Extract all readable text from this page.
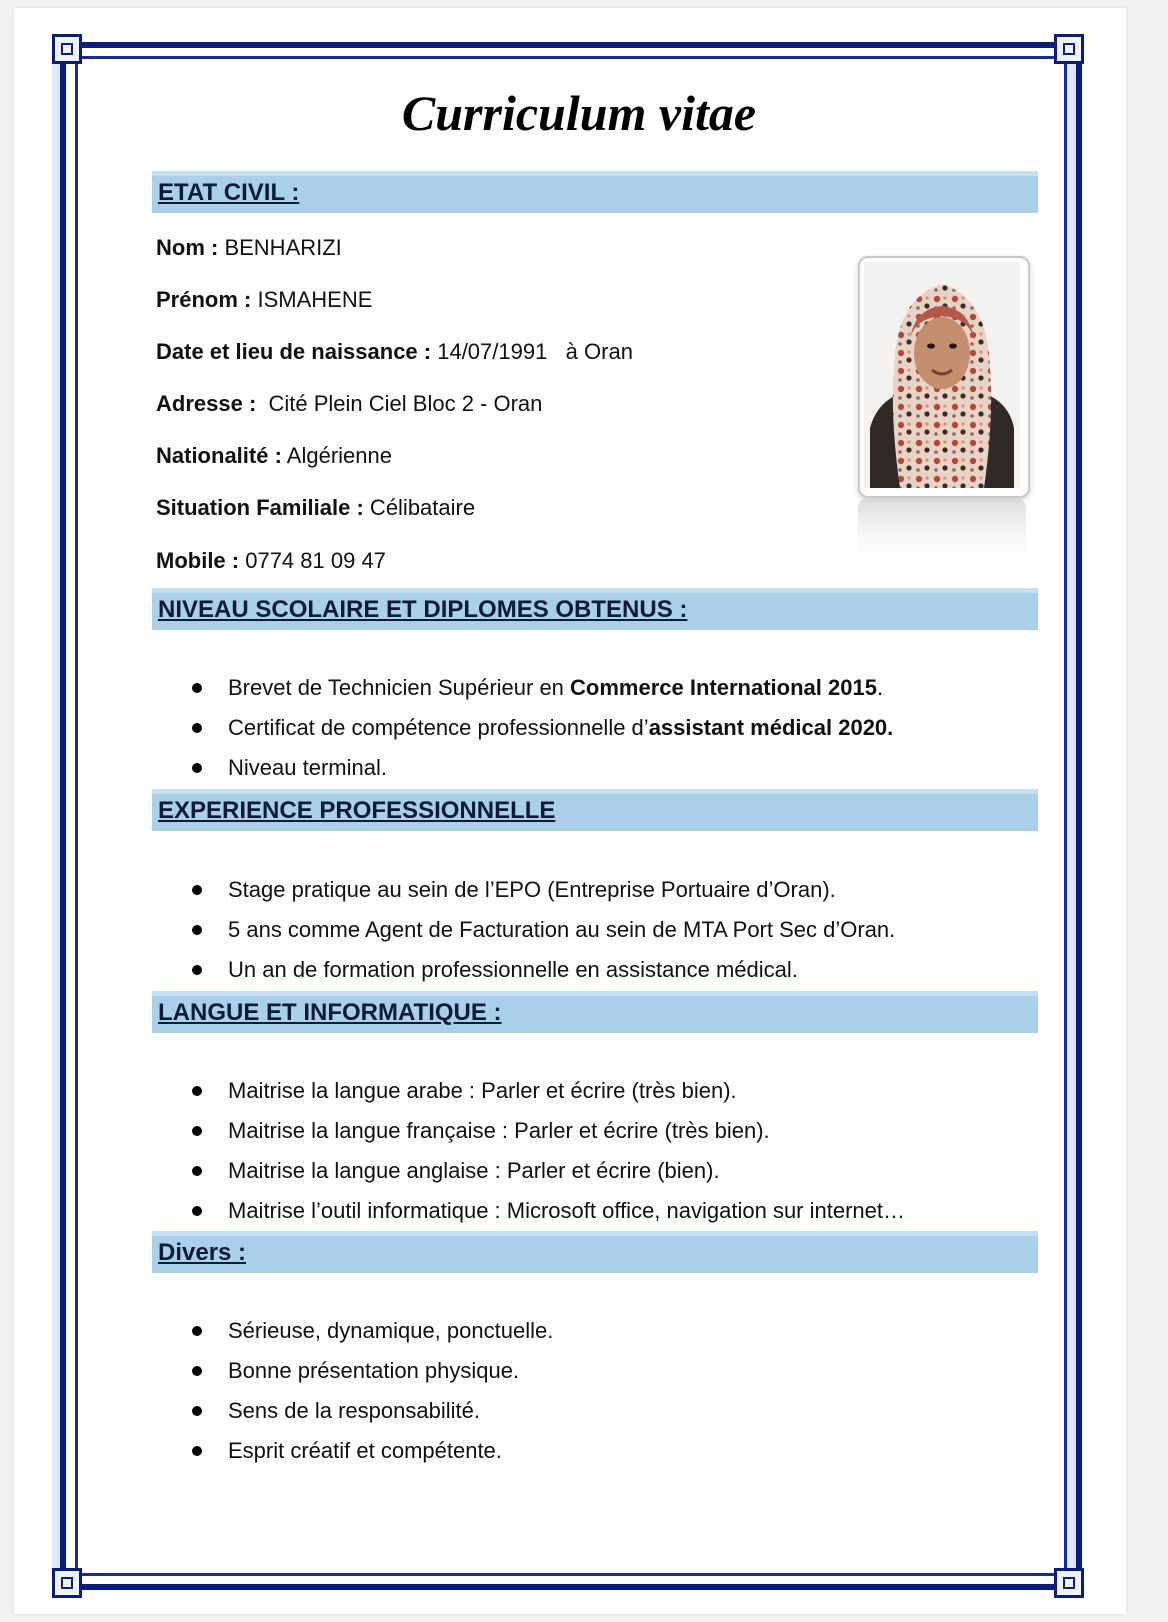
Curriculum vitae
ETAT CIVIL :
Nom : BENHARIZI
Prénom : ISMAHENE
Date et lieu de naissance : 14/07/1991   à Oran
Adresse :  Cité Plein Ciel Bloc 2 - Oran
Nationalité : Algérienne
Situation Familiale : Célibataire
Mobile : 0774 81 09 47
NIVEAU SCOLAIRE ET DIPLOMES OBTENUS :
Brevet de Technicien Supérieur en Commerce International 2015.
Certificat de compétence professionnelle d’assistant médical 2020.
Niveau terminal.
EXPERIENCE PROFESSIONNELLE
Stage pratique au sein de l’EPO (Entreprise Portuaire d’Oran).
5 ans comme Agent de Facturation au sein de MTA Port Sec d’Oran.
Un an de formation professionnelle en assistance médical.
LANGUE ET INFORMATIQUE :
Maitrise la langue arabe : Parler et écrire (très bien).
Maitrise la langue française : Parler et écrire (très bien).
Maitrise la langue anglaise : Parler et écrire (bien).
Maitrise l’outil informatique : Microsoft office, navigation sur internet…
Divers :
Sérieuse, dynamique, ponctuelle.
Bonne présentation physique.
Sens de la responsabilité.
Esprit créatif et compétente.
